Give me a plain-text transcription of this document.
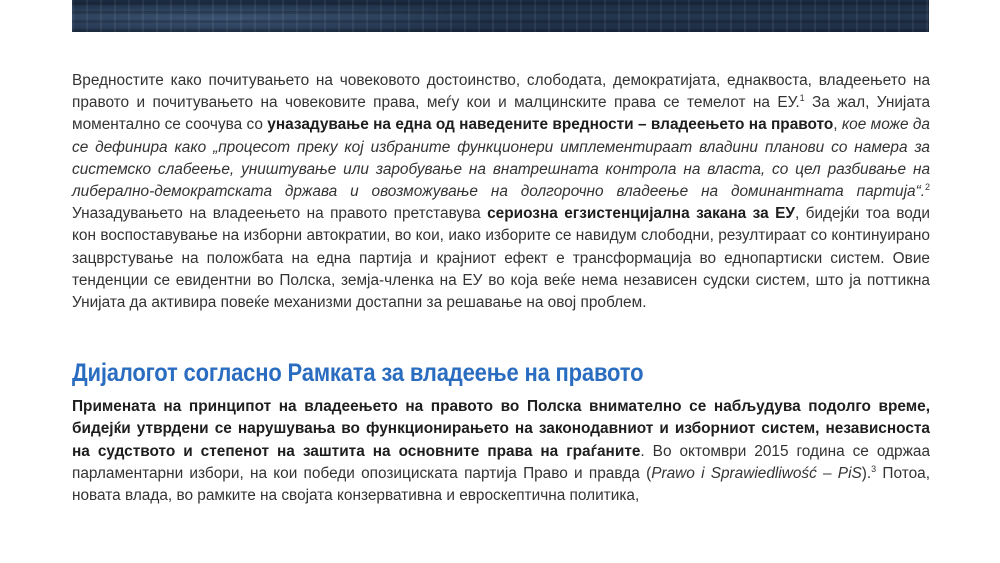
Вредностите како почитувањето на човековото достоинство, слободата, демократијата, еднаквоста, владеењето на правото и почитувањето на човековите права, меѓу кои и малцинските права се темелот на ЕУ.$^1$ За жал, Унијата моментално се соочува со уназадување на една од наведените вредности – владеењето на правото, кое може да се дефинира како „процесот преку кој избраните функционери имплементираат владини планови со намера за системско слабеење, уништување или заробување на внатрешната контрола на власта, со цел разбивање на либерално-демократската држава и овозможување на долгорочно владеење на доминантната партија“.$^2$ Уназадувањето на владеењето на правото претставува сериозна егзистенцијална закана за ЕУ, бидејќи тоа води кон воспоставување на изборни автократии, во кои, иако изборите се навидум слободни, резултираат со континуирано зацврстување на положбата на една партија и крајниот ефект е трансформација во еднопартиски систем. Овие тенденции се евидентни во Полска, земја-членка на ЕУ во која веќе нема независен судски систем, што ја поттикна Унијата да активира повеќе механизми достапни за решавање на овој проблем.

Дијалогот согласно Рамката за владеење на правото

Примената на принципот на владеењето на правото во Полска внимателно се набљудува подолго време, бидејќи утврдени се нарушувања во функционирањето на законодавниот и изборниот систем, независноста на судството и степенот на заштита на основните права на граѓаните. Во октомври 2015 година се одржаа парламентарни избори, на кои победи опозициската партија Право и правда (Prawo i Sprawiedliwość – PiS).$^3$ Потоа, новата влада, во рамките на својата конзервативна и евроскептична политика,
